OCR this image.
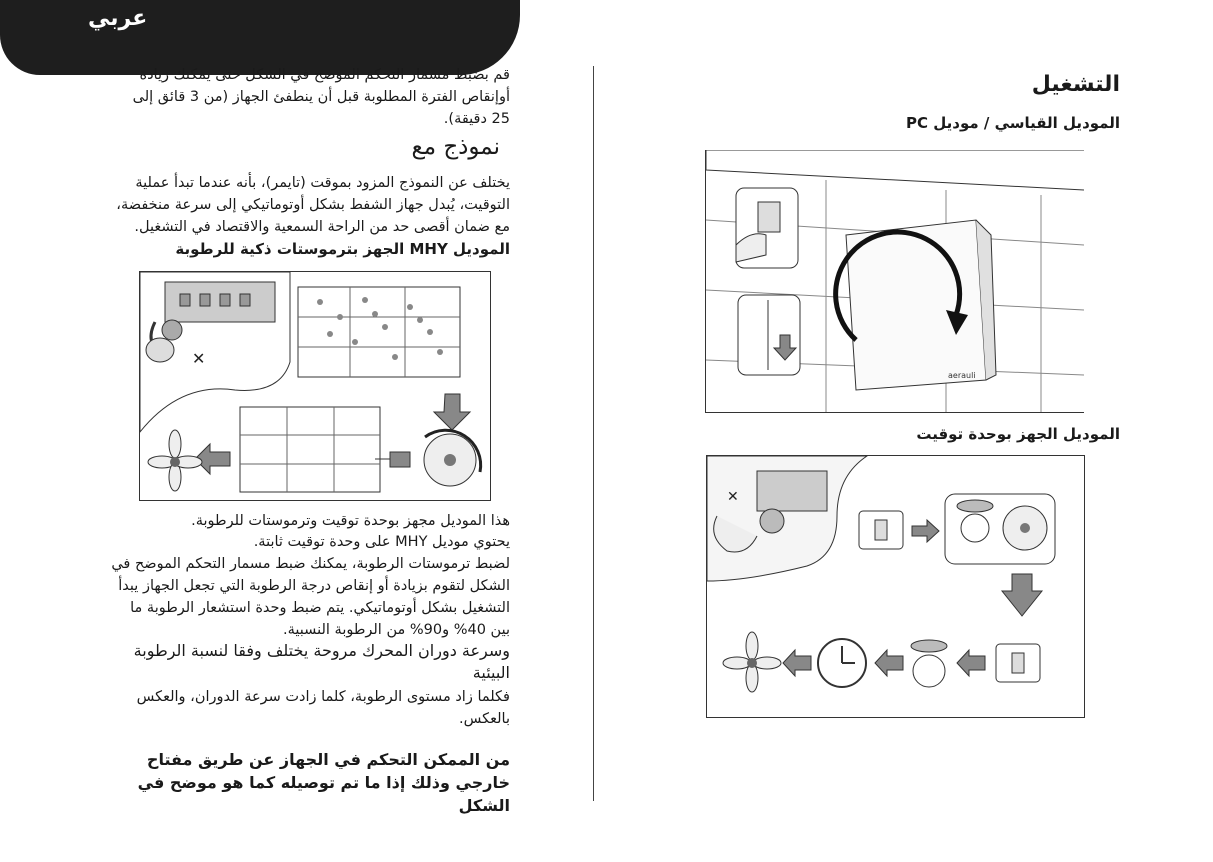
عربي
قم بضبط مسمار التحكم الموضح في الشكل حتى يمكنك زيادة أوإنقاص الفترة المطلوبة قبل أن ينطفئ الجهاز (من 3 قائق إلى 25 دقيقة).
نموذج مع
يختلف عن النموذج المزود بموقت (تايمر)، بأنه عندما تبدأ عملية التوقيت، يُبدل جهاز الشفط بشكل أوتوماتيكي إلى سرعة منخفضة، مع ضمان أقصى حد من الراحة السمعية والاقتصاد في التشغيل.
الموديل MHY الجهز بترموستات ذكية للرطوبة
✕
هذا الموديل مجهز بوحدة توقيت وترموستات للرطوبة.
يحتوي موديل MHY على وحدة توقيت ثابتة.
لضبط ترموستات الرطوبة، يمكنك ضبط مسمار التحكم الموضح في الشكل لتقوم بزيادة أو إنقاص درجة الرطوبة التي تجعل الجهاز يبدأ التشغيل بشكل أوتوماتيكي. يتم ضبط وحدة استشعار الرطوبة ما بين 40% و90% من الرطوبة النسبية.
وسرعة دوران المحرك مروحة يختلف وفقا لنسبة الرطوبة البيئية
فكلما زاد مستوى الرطوبة، كلما زادت سرعة الدوران، والعكس بالعكس.
من الممكن التحكم في الجهاز عن طريق مفتاح خارجي وذلك إذا ما تم توصيله كما هو موضح في الشكل
التشغيل
الموديل القياسي / موديل PC
aerauli
الموديل الجهز بوحدة توقيت
✕
